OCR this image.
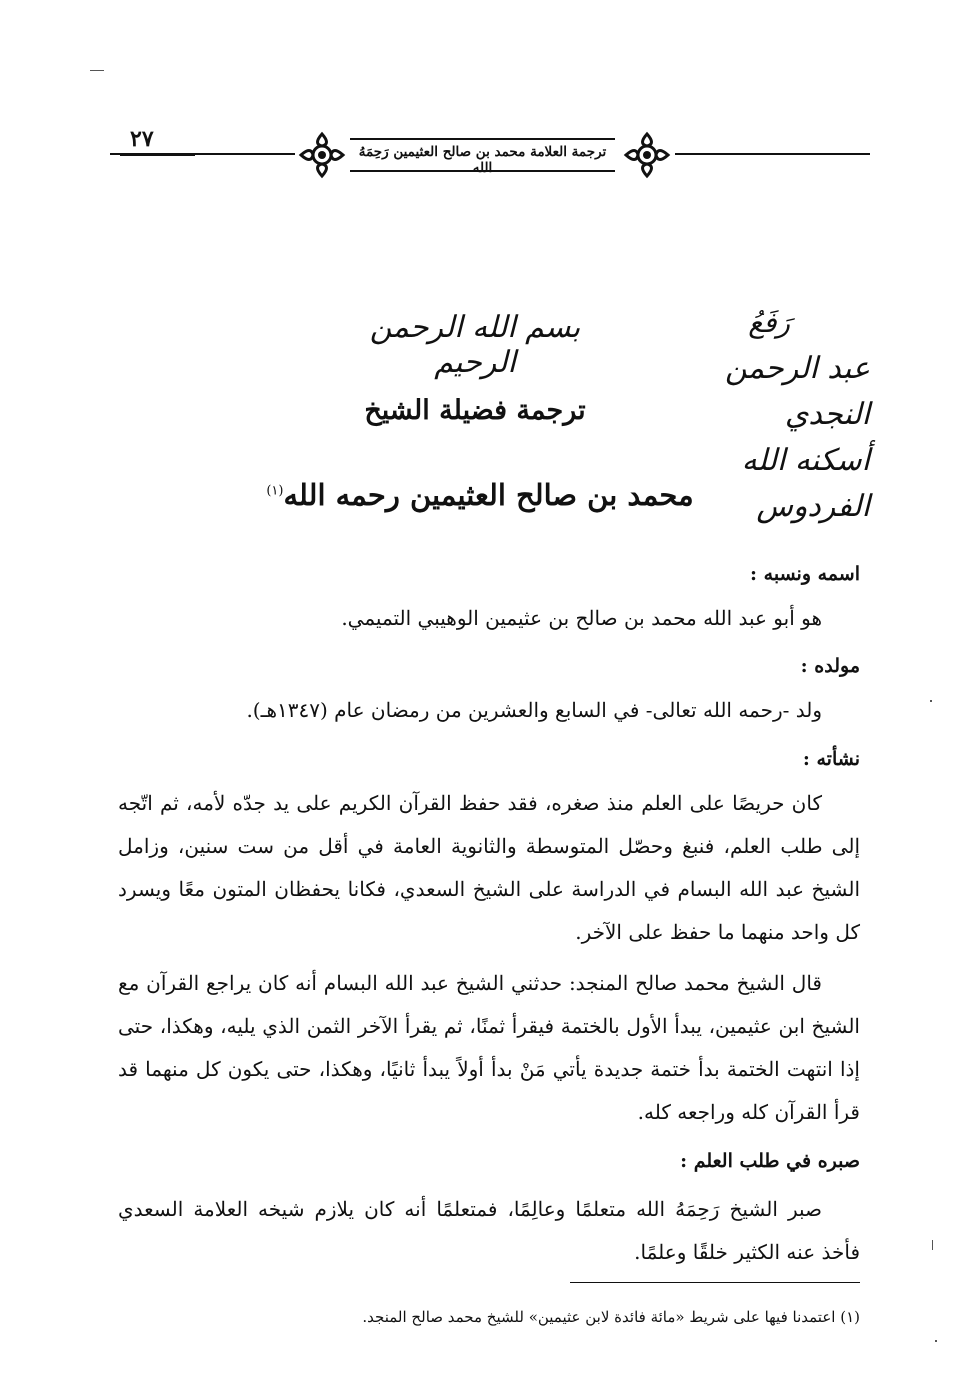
٢٧	ترجمة العلامة محمد بن صالح العثيمين رَحِمَهُ الله
بسم الله الرحمن الرحيم
رَفَعُ
عبد الرحمن النجدي
أسكنه الله الفردوس
ترجمة فضيلة الشيخ
محمد بن صالح العثيمين رحمه الله$^{(١)}$
اسمه ونسبه :
هو أبو عبد الله محمد بن صالح بن عثيمين الوهيبي التميمي.
مولده :
ولد -رحمه الله تعالى- في السابع والعشرين من رمضان عام (١٣٤٧هـ).
نشأته :
كان حريصًا على العلم منذ صغره، فقد حفظ القرآن الكريم على يد جدّه لأمه، ثم اتّجه إلى طلب العلم، فنبغ وحصّل المتوسطة والثانوية العامة في أقل من ست سنين، وزامل الشيخ عبد الله البسام في الدراسة على الشيخ السعدي، فكانا يحفظان المتون معًا ويسرد كل واحد منهما ما حفظ على الآخر.
قال الشيخ محمد صالح المنجد: حدثني الشيخ عبد الله البسام أنه كان يراجع القرآن مع الشيخ ابن عثيمين، يبدأ الأول بالختمة فيقرأ ثمنًا، ثم يقرأ الآخر الثمن الذي يليه، وهكذا، حتى إذا انتهت الختمة بدأ ختمة جديدة يأتي مَنْ بدأ أولاً يبدأ ثانيًا، وهكذا، حتى يكون كل منهما قد قرأ القرآن كله وراجعه كله.
صبره في طلب العلم :
صبر الشيخ رَحِمَهُ الله متعلمًا وعالِمًا، فمتعلمًا أنه كان يلازم شيخه العلامة السعدي فأخذ عنه الكثير خلقًا وعلمًا.
(١) اعتمدنا فيها على شريط «مائة فائدة لابن عثيمين» للشيخ محمد صالح المنجد.
